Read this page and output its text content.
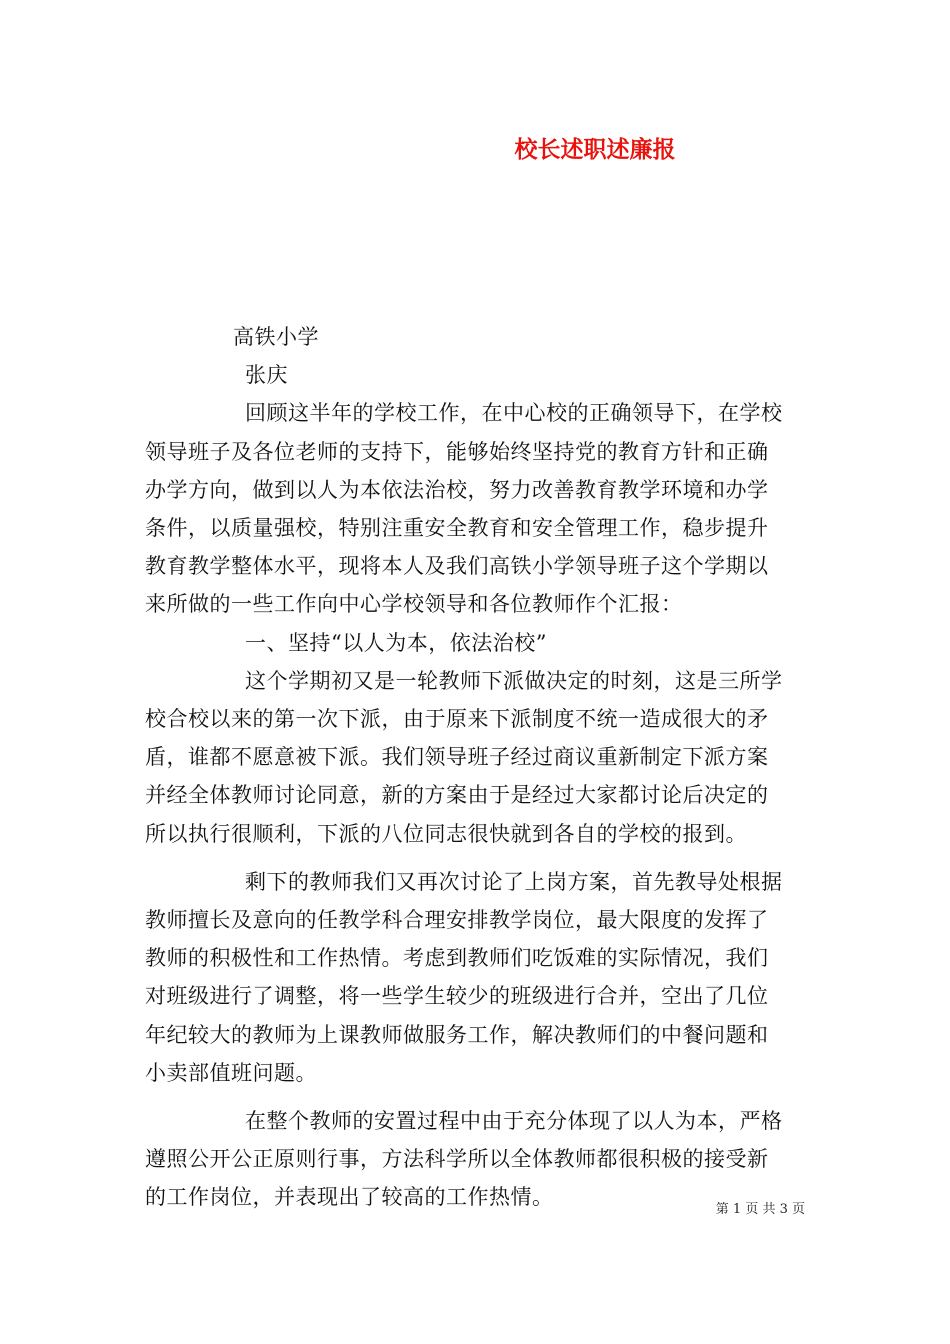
校长述职述廉报

高铁小学

张庆

回顾这半年的学校工作，在中心校的正确领导下，在学校

领导班子及各位老师的支持下，能够始终坚持党的教育方针和正确

办学方向，做到以人为本依法治校，努力改善教育教学环境和办学

条件，以质量强校，特别注重安全教育和安全管理工作，稳步提升

教育教学整体水平，现将本人及我们高铁小学领导班子这个学期以

来所做的一些工作向中心学校领导和各位教师作个汇报：

一、坚持“以人为本，依法治校”

这个学期初又是一轮教师下派做决定的时刻，这是三所学

校合校以来的第一次下派，由于原来下派制度不统一造成很大的矛

盾，谁都不愿意被下派。我们领导班子经过商议重新制定下派方案

并经全体教师讨论同意，新的方案由于是经过大家都讨论后决定的

所以执行很顺利，下派的八位同志很快就到各自的学校的报到。

剩下的教师我们又再次讨论了上岗方案，首先教导处根据

教师擅长及意向的任教学科合理安排教学岗位，最大限度的发挥了

教师的积极性和工作热情。考虑到教师们吃饭难的实际情况，我们

对班级进行了调整，将一些学生较少的班级进行合并，空出了几位

年纪较大的教师为上课教师做服务工作，解决教师们的中餐问题和

小卖部值班问题。

在整个教师的安置过程中由于充分体现了以人为本，严格

遵照公开公正原则行事，方法科学所以全体教师都很积极的接受新

的工作岗位，并表现出了较高的工作热情。

第 1 页 共 3 页
